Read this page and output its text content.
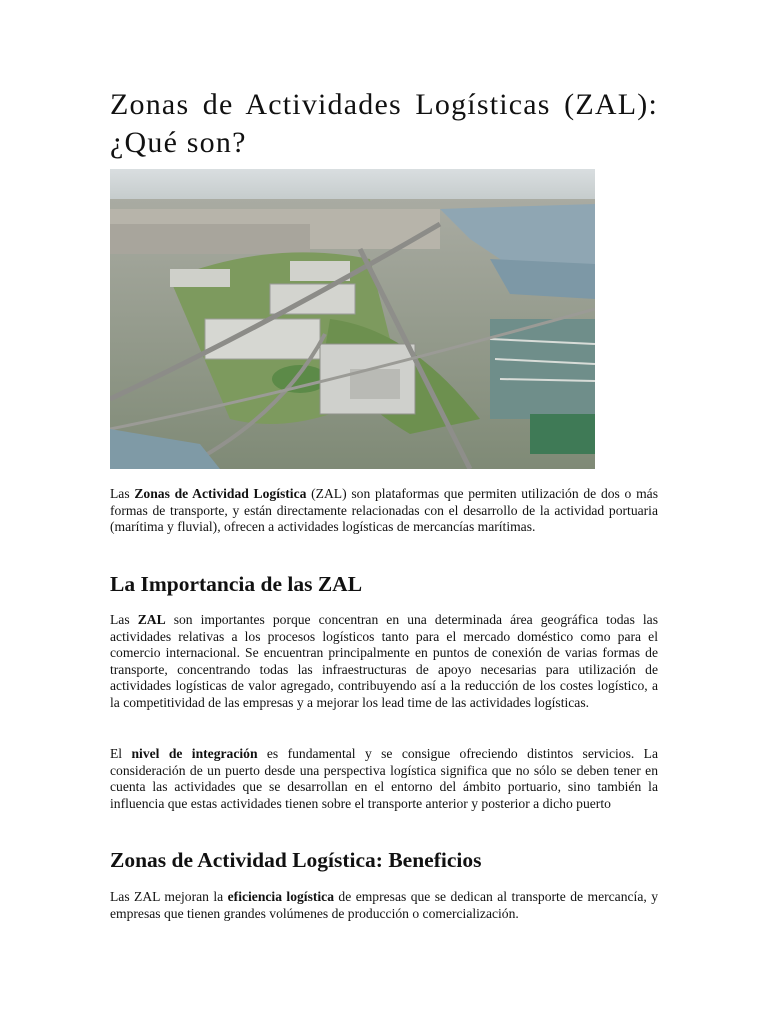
Zonas de Actividades Logísticas (ZAL): ¿Qué son?

Las Zonas de Actividad Logística (ZAL) son plataformas que permiten utilización de dos o más formas de transporte, y están directamente relacionadas con el desarrollo de la actividad portuaria (marítima y fluvial), ofrecen a actividades logísticas de mercancías marítimas.

La Importancia de las ZAL

Las ZAL son importantes porque concentran en una determinada área geográfica todas las actividades relativas a los procesos logísticos tanto para el mercado doméstico como para el comercio internacional. Se encuentran principalmente en puntos de conexión de varias formas de transporte, concentrando todas las infraestructuras de apoyo necesarias para utilización de actividades logísticas de valor agregado, contribuyendo así a la reducción de los costes logístico, a la competitividad de las empresas y a mejorar los lead time de las actividades logísticas.

El nivel de integración es fundamental y se consigue ofreciendo distintos servicios. La consideración de un puerto desde una perspectiva logística significa que no sólo se deben tener en cuenta las actividades que se desarrollan en el entorno del ámbito portuario, sino también la influencia que estas actividades tienen sobre el transporte anterior y posterior a dicho puerto

Zonas de Actividad Logística: Beneficios

Las ZAL mejoran la eficiencia logística de empresas que se dedican al transporte de mercancía, y empresas que tienen grandes volúmenes de producción o comercialización.
